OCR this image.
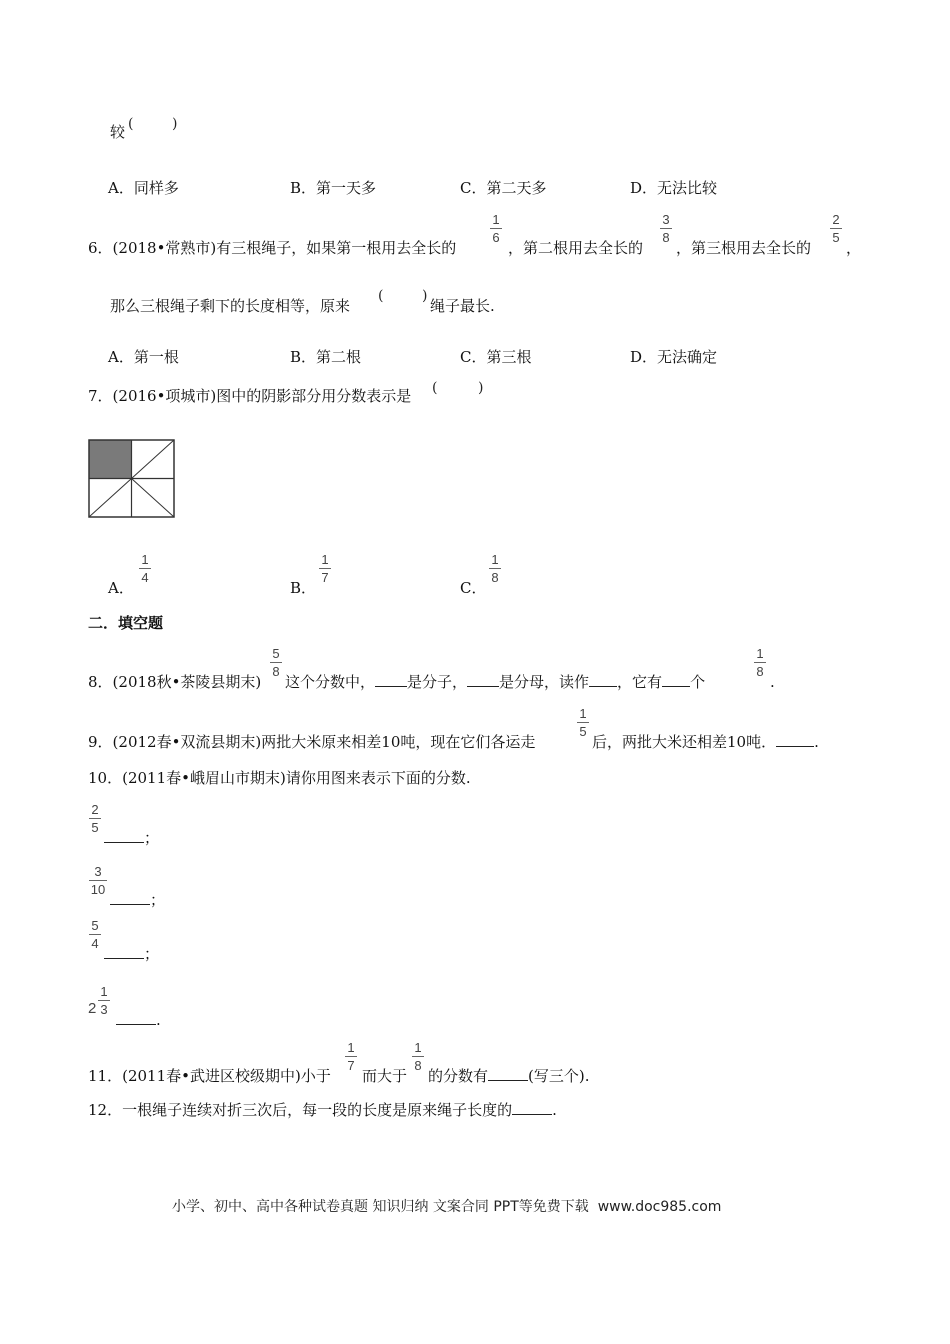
较 (	)
A．同样多	B．第一天多	C．第二天多	D．无法比较
6．(2018•常熟市)有三根绳子，如果第一根用去全长的
1
6
，第二根用去全长的
3
8
，第三根用去全长的
2
5
，
那么三根绳子剩下的长度相等，原来
(	)
绳子最长.
A．第一根	B．第二根	C．第三根	D．无法确定
7．(2016•项城市)图中的阴影部分用分数表示是 (	)
A．
1
4
B．
1
7
C．
1
8
二．填空题
8．(2018秋•茶陵县期末)
5
8
这个分数中， 是分子， 是分母，读作 ，它有 个
1
8
.
9．(2012春•双流县期末)两批大米原来相差10吨，现在它们各运走
1
5
后，两批大米还相差10吨．	.
10．(2011春•峨眉山市期末)请你用图来表示下面的分数.
2
5
；
3
10
；
5
4
；
2
1
3
.
11．(2011春•武进区校级期中)小于
1
7
而大于
1
8
的分数有	(写三个).
12．一根绳子连续对折三次后，每一段的长度是原来绳子长度的	.
小学、初中、高中各种试卷真题 知识归纳 文案合同 PPT等免费下载 www.doc985.com
